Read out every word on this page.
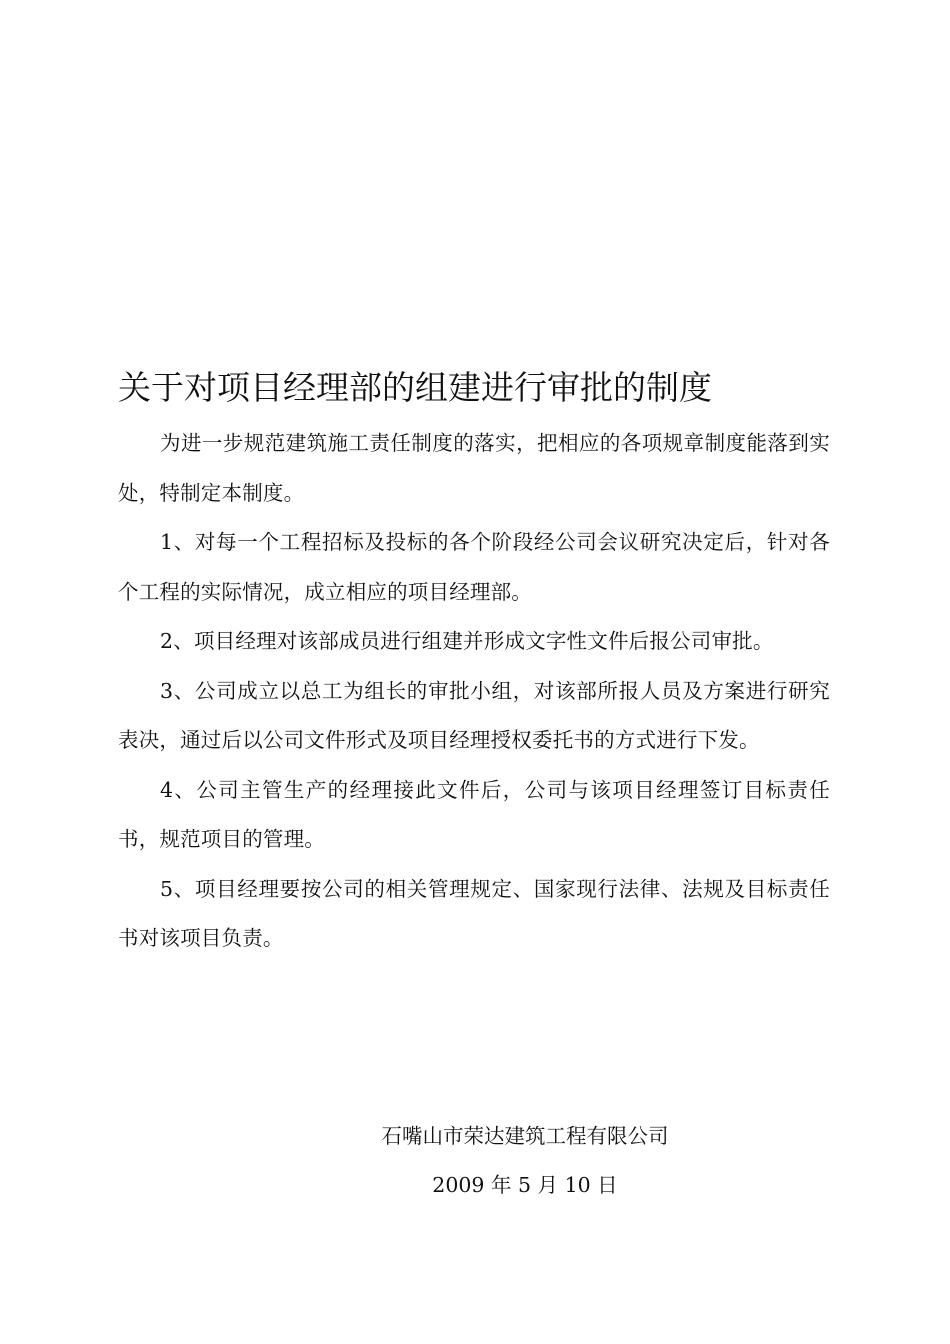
关于对项目经理部的组建进行审批的制度

为进一步规范建筑施工责任制度的落实，把相应的各项规章制度能落到实处，特制定本制度。

1、对每一个工程招标及投标的各个阶段经公司会议研究决定后，针对各个工程的实际情况，成立相应的项目经理部。

2、项目经理对该部成员进行组建并形成文字性文件后报公司审批。

3、公司成立以总工为组长的审批小组，对该部所报人员及方案进行研究表决，通过后以公司文件形式及项目经理授权委托书的方式进行下发。

4、公司主管生产的经理接此文件后，公司与该项目经理签订目标责任书，规范项目的管理。

5、项目经理要按公司的相关管理规定、国家现行法律、法规及目标责任书对该项目负责。

石嘴山市荣达建筑工程有限公司
2009 年 5 月 10 日
